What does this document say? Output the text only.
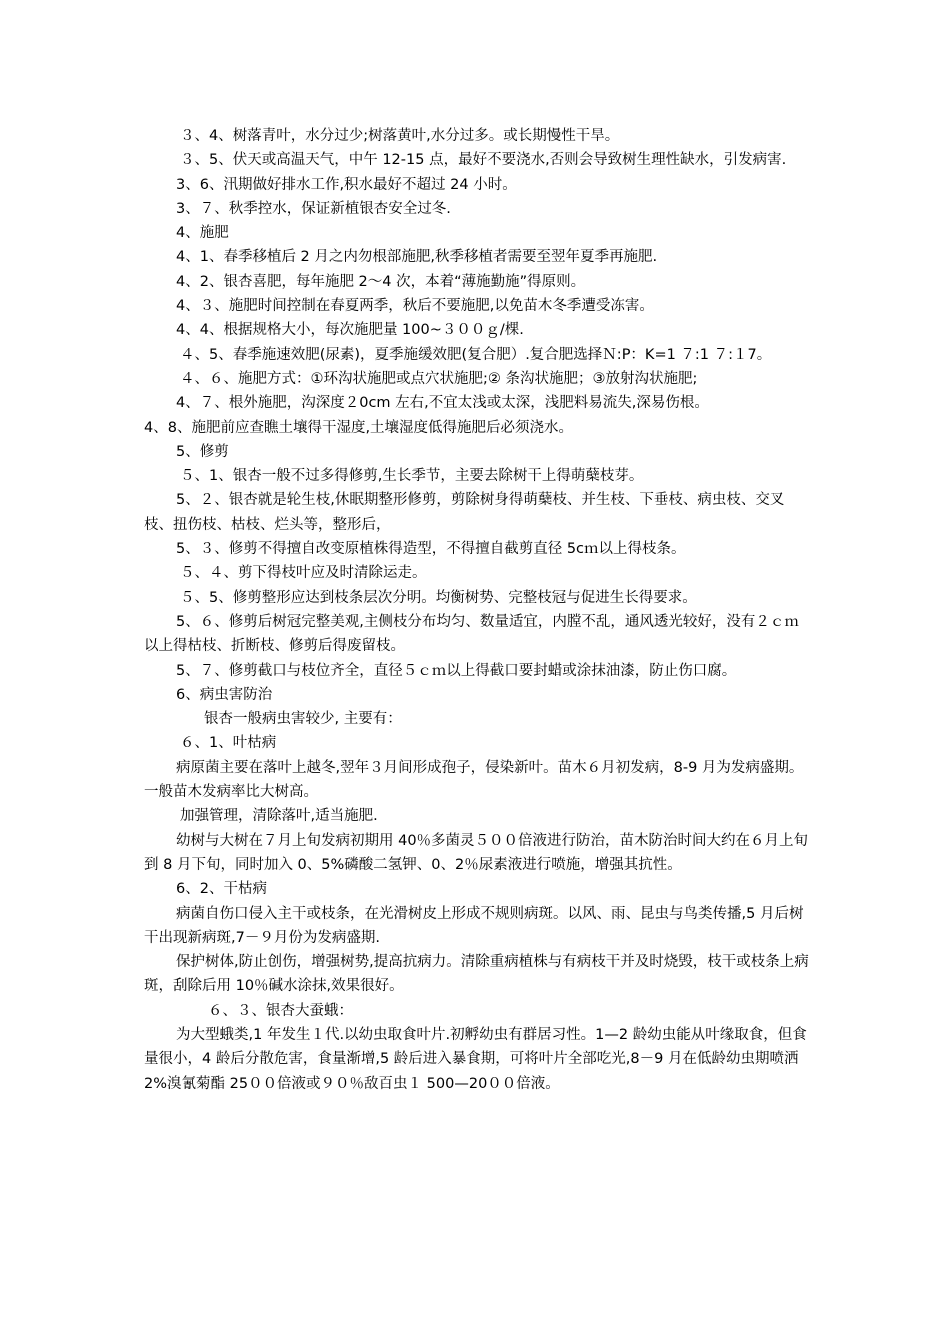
３、4、树落青叶，水分过少;树落黄叶,水分过多。或长期慢性干旱。

３、5、伏天或高温天气，中午 12-15 点，最好不要浇水,否则会导致树生理性缺水，引发病害.

3、6、汛期做好排水工作,积水最好不超过 24 小时。

3、７、秋季控水，保证新植银杏安全过冬.

4、施肥

4、1、春季移植后 2 月之内勿根部施肥,秋季移植者需要至翌年夏季再施肥.

4、2、银杏喜肥，每年施肥 2～4 次，本着“薄施勤施”得原则。

4、３、施肥时间控制在春夏两季，秋后不要施肥,以免苗木冬季遭受冻害。

4、4、根据规格大小，每次施肥量 100~３００ｇ/棵.

４、5、春季施速效肥(尿素)，夏季施缓效肥(复合肥）.复合肥选择Ｎ:P：K=1 ７:1 ７:１7。

４、６、施肥方式：①环沟状施肥或点穴状施肥;② 条沟状施肥；③放射沟状施肥;

4、７、根外施肥，沟深度２0cm 左右,不宜太浅或太深，浅肥料易流失,深易伤根。

4、8、施肥前应查瞧土壤得干湿度,土壤湿度低得施肥后必须浇水。

5、修剪

５、1、银杏一般不过多得修剪,生长季节，主要去除树干上得萌蘖枝芽。

5、２、银杏就是轮生枝,休眠期整形修剪，剪除树身得萌蘖枝、并生枝、下垂枝、病虫枝、交叉枝、扭伤枝、枯枝、烂头等，整形后，

5、３、修剪不得擅自改变原植株得造型，不得擅自截剪直径 5cｍ以上得枝条。

５、４、剪下得枝叶应及时清除运走。

５、5、修剪整形应达到枝条层次分明。均衡树势、完整枝冠与促进生长得要求。

5、６、修剪后树冠完整美观,主侧枝分布均匀、数量适宜，内膛不乱，通风透光较好，没有２ｃｍ以上得枯枝、折断枝、修剪后得废留枝。

5、７、修剪截口与枝位齐全，直径５ｃｍ以上得截口要封蜡或涂抹油漆，防止伤口腐。

6、病虫害防治

银杏一般病虫害较少, 主要有：

６、1、叶枯病

病原菌主要在落叶上越冬,翌年３月间形成孢子，侵染新叶。苗木６月初发病，8-9 月为发病盛期。一般苗木发病率比大树高。

加强管理，清除落叶,适当施肥.

幼树与大树在７月上旬发病初期用 40％多菌灵５００倍液进行防治，苗木防治时间大约在６月上旬到 8 月下旬，同时加入 0、5%磷酸二氢钾、0、2％尿素液进行喷施，增强其抗性。

6、2、干枯病

病菌自伤口侵入主干或枝条，在光滑树皮上形成不规则病斑。以风、雨、昆虫与鸟类传播,5 月后树干出现新病斑,7－９月份为发病盛期.

保护树体,防止创伤，增强树势,提高抗病力。清除重病植株与有病枝干并及时烧毁，枝干或枝条上病斑，刮除后用 10％碱水涂抹,效果很好。

６、３、银杏大蚕蛾：

为大型蛾类,1 年发生１代.以幼虫取食叶片.初孵幼虫有群居习性。1—2 龄幼虫能从叶缘取食，但食量很小，4 龄后分散危害，食量渐增,5 龄后进入暴食期，可将叶片全部吃光,8－9 月在低龄幼虫期喷洒 2%溴氰菊酯 25００倍液或９０％敌百虫１ 500—20００倍液。
